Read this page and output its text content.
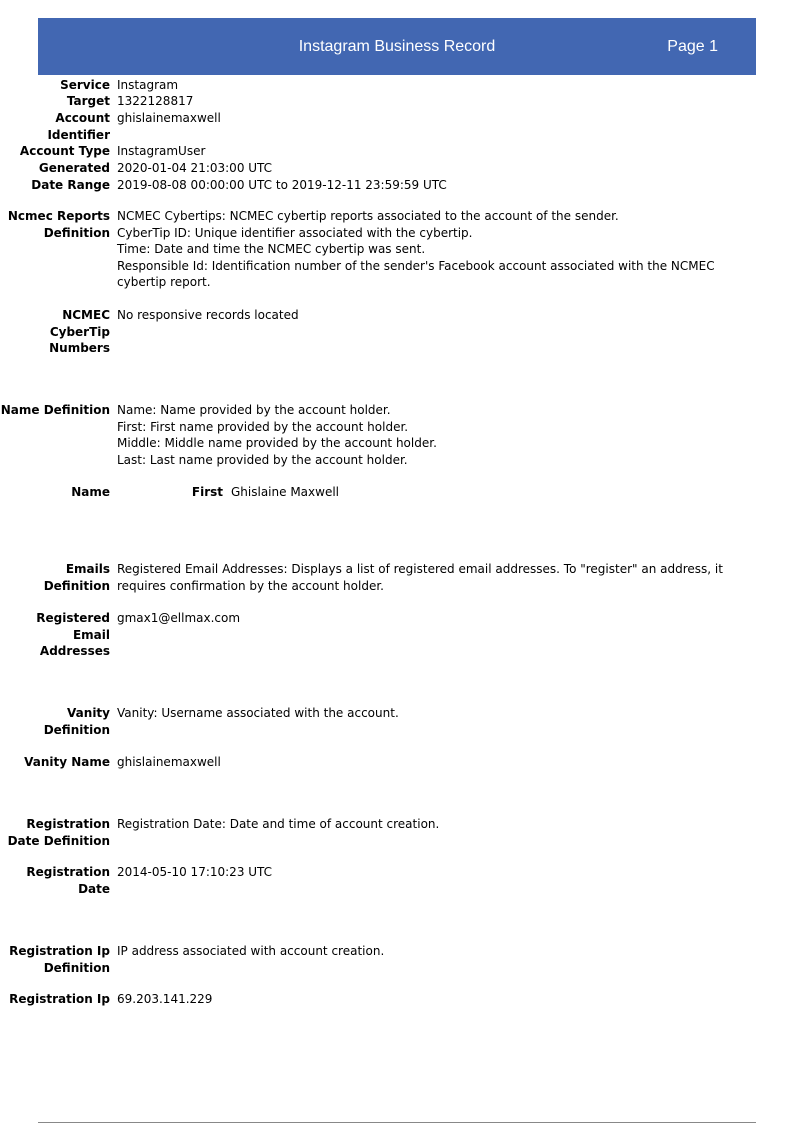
Instagram Business Record	Page 1
Service Instagram
Target 1322128817
Account Identifier
ghislainemaxwell
Account Type InstagramUser
Generated 2020-01-04 21:03:00 UTC
Date Range 2019-08-08 00:00:00 UTC to 2019-12-11 23:59:59 UTC
Ncmec Reports Definition
NCMEC Cybertips: NCMEC cybertip reports associated to the account of the sender.
CyberTip ID: Unique identifier associated with the cybertip.
Time: Date and time the NCMEC cybertip was sent.
Responsible Id: Identification number of the sender's Facebook account associated with the NCMEC cybertip report.
NCMEC CyberTip Numbers
No responsive records located
Name Definition Name: Name provided by the account holder.
First: First name provided by the account holder.
Middle: Middle name provided by the account holder.
Last: Last name provided by the account holder.
Name	First Ghislaine Maxwell
Emails Definition
Registered Email Addresses: Displays a list of registered email addresses. To "register" an address, it requires confirmation by the account holder.
Registered Email Addresses
gmax1@ellmax.com
Vanity Definition
Vanity: Username associated with the account.
Vanity Name ghislainemaxwell
Registration Date Definition
Registration Date: Date and time of account creation.
Registration Date
2014-05-10 17:10:23 UTC
Registration Ip Definition
IP address associated with account creation.
Registration Ip 69.203.141.229
